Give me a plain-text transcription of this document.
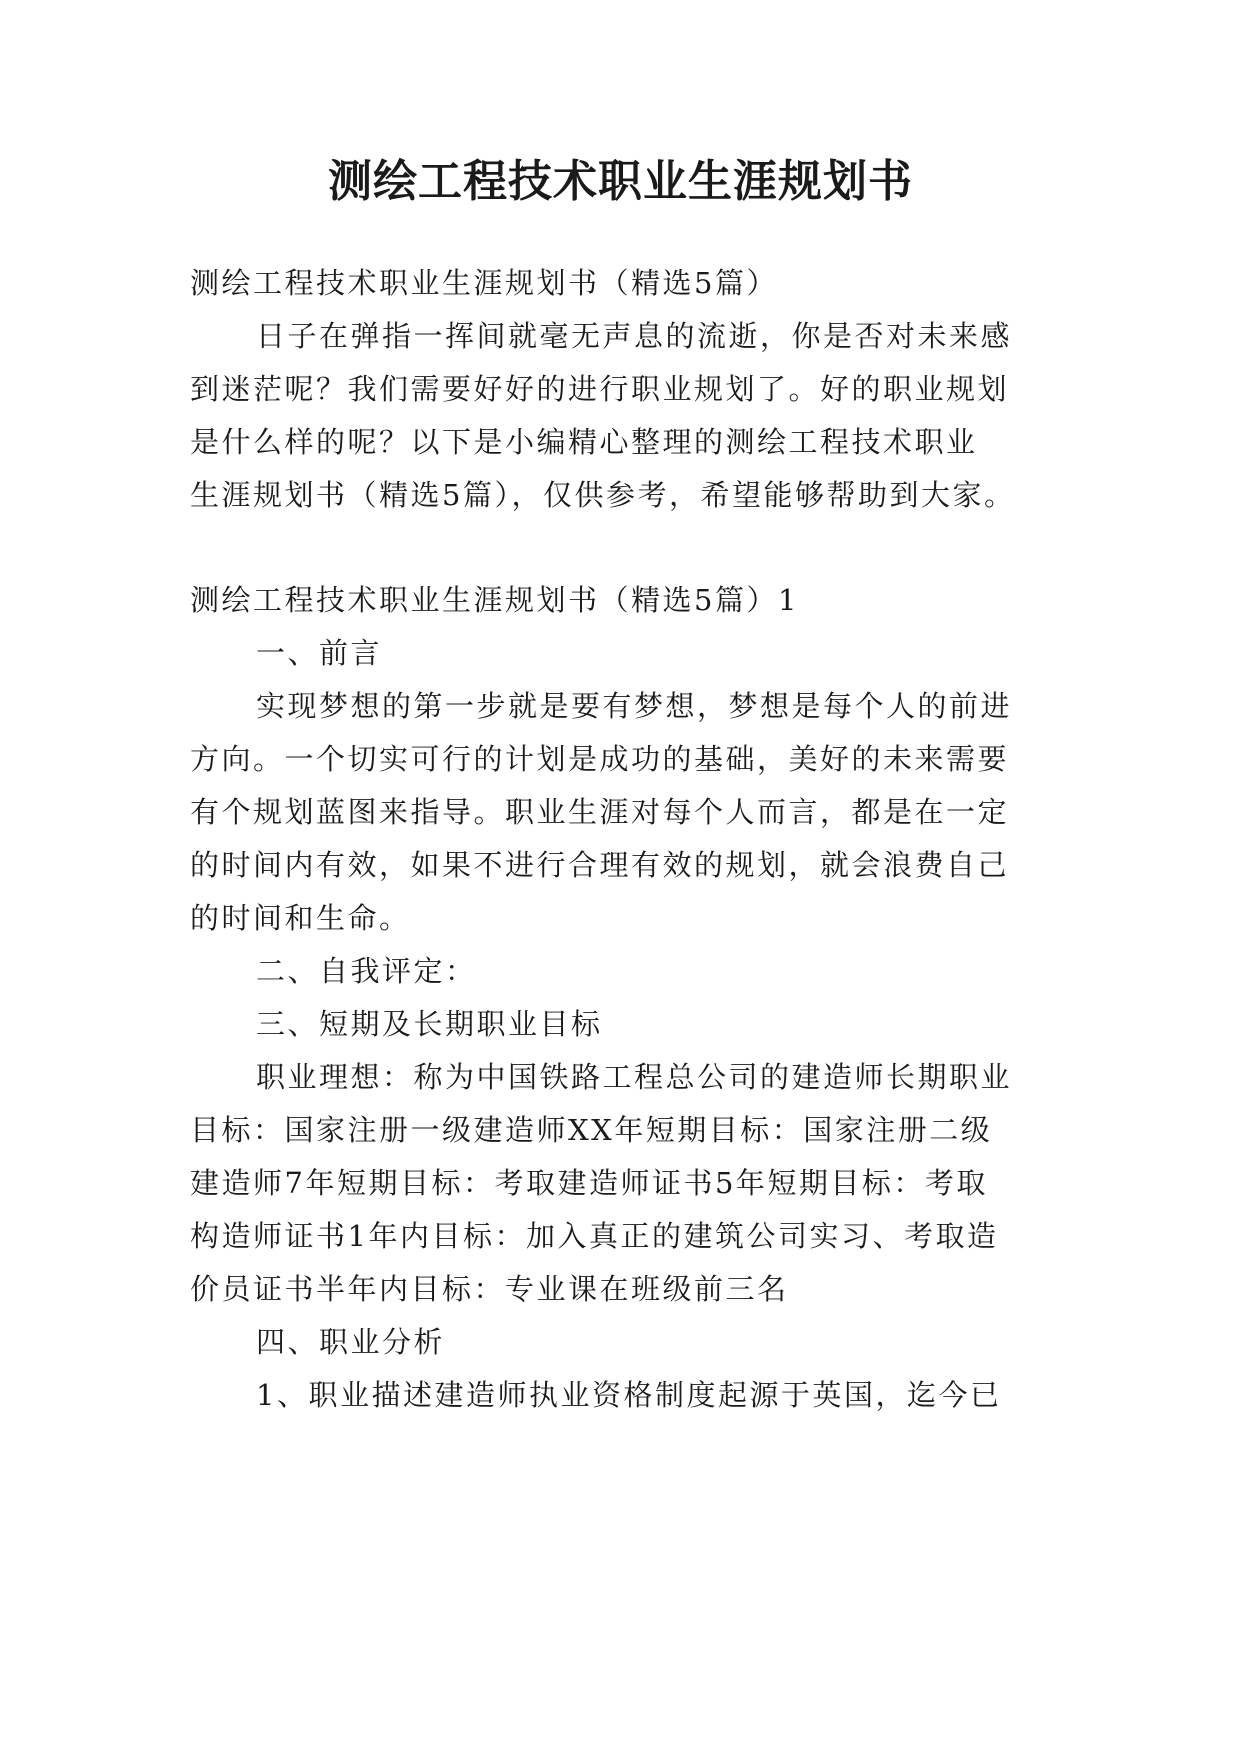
测绘工程技术职业生涯规划书

测绘工程技术职业生涯规划书（精选5篇）

日子在弹指一挥间就毫无声息的流逝，你是否对未来感

到迷茫呢？我们需要好好的进行职业规划了。好的职业规划

是什么样的呢？以下是小编精心整理的测绘工程技术职业

生涯规划书（精选5篇），仅供参考，希望能够帮助到大家。

测绘工程技术职业生涯规划书（精选5篇）1

一、前言

实现梦想的第一步就是要有梦想，梦想是每个人的前进

方向。一个切实可行的计划是成功的基础，美好的未来需要

有个规划蓝图来指导。职业生涯对每个人而言，都是在一定

的时间内有效，如果不进行合理有效的规划，就会浪费自己

的时间和生命。

二、自我评定：

三、短期及长期职业目标

职业理想：称为中国铁路工程总公司的建造师长期职业

目标：国家注册一级建造师XX年短期目标：国家注册二级

建造师7年短期目标：考取建造师证书5年短期目标：考取

构造师证书1年内目标：加入真正的建筑公司实习、考取造

价员证书半年内目标：专业课在班级前三名

四、职业分析

1、职业描述建造师执业资格制度起源于英国，迄今已
